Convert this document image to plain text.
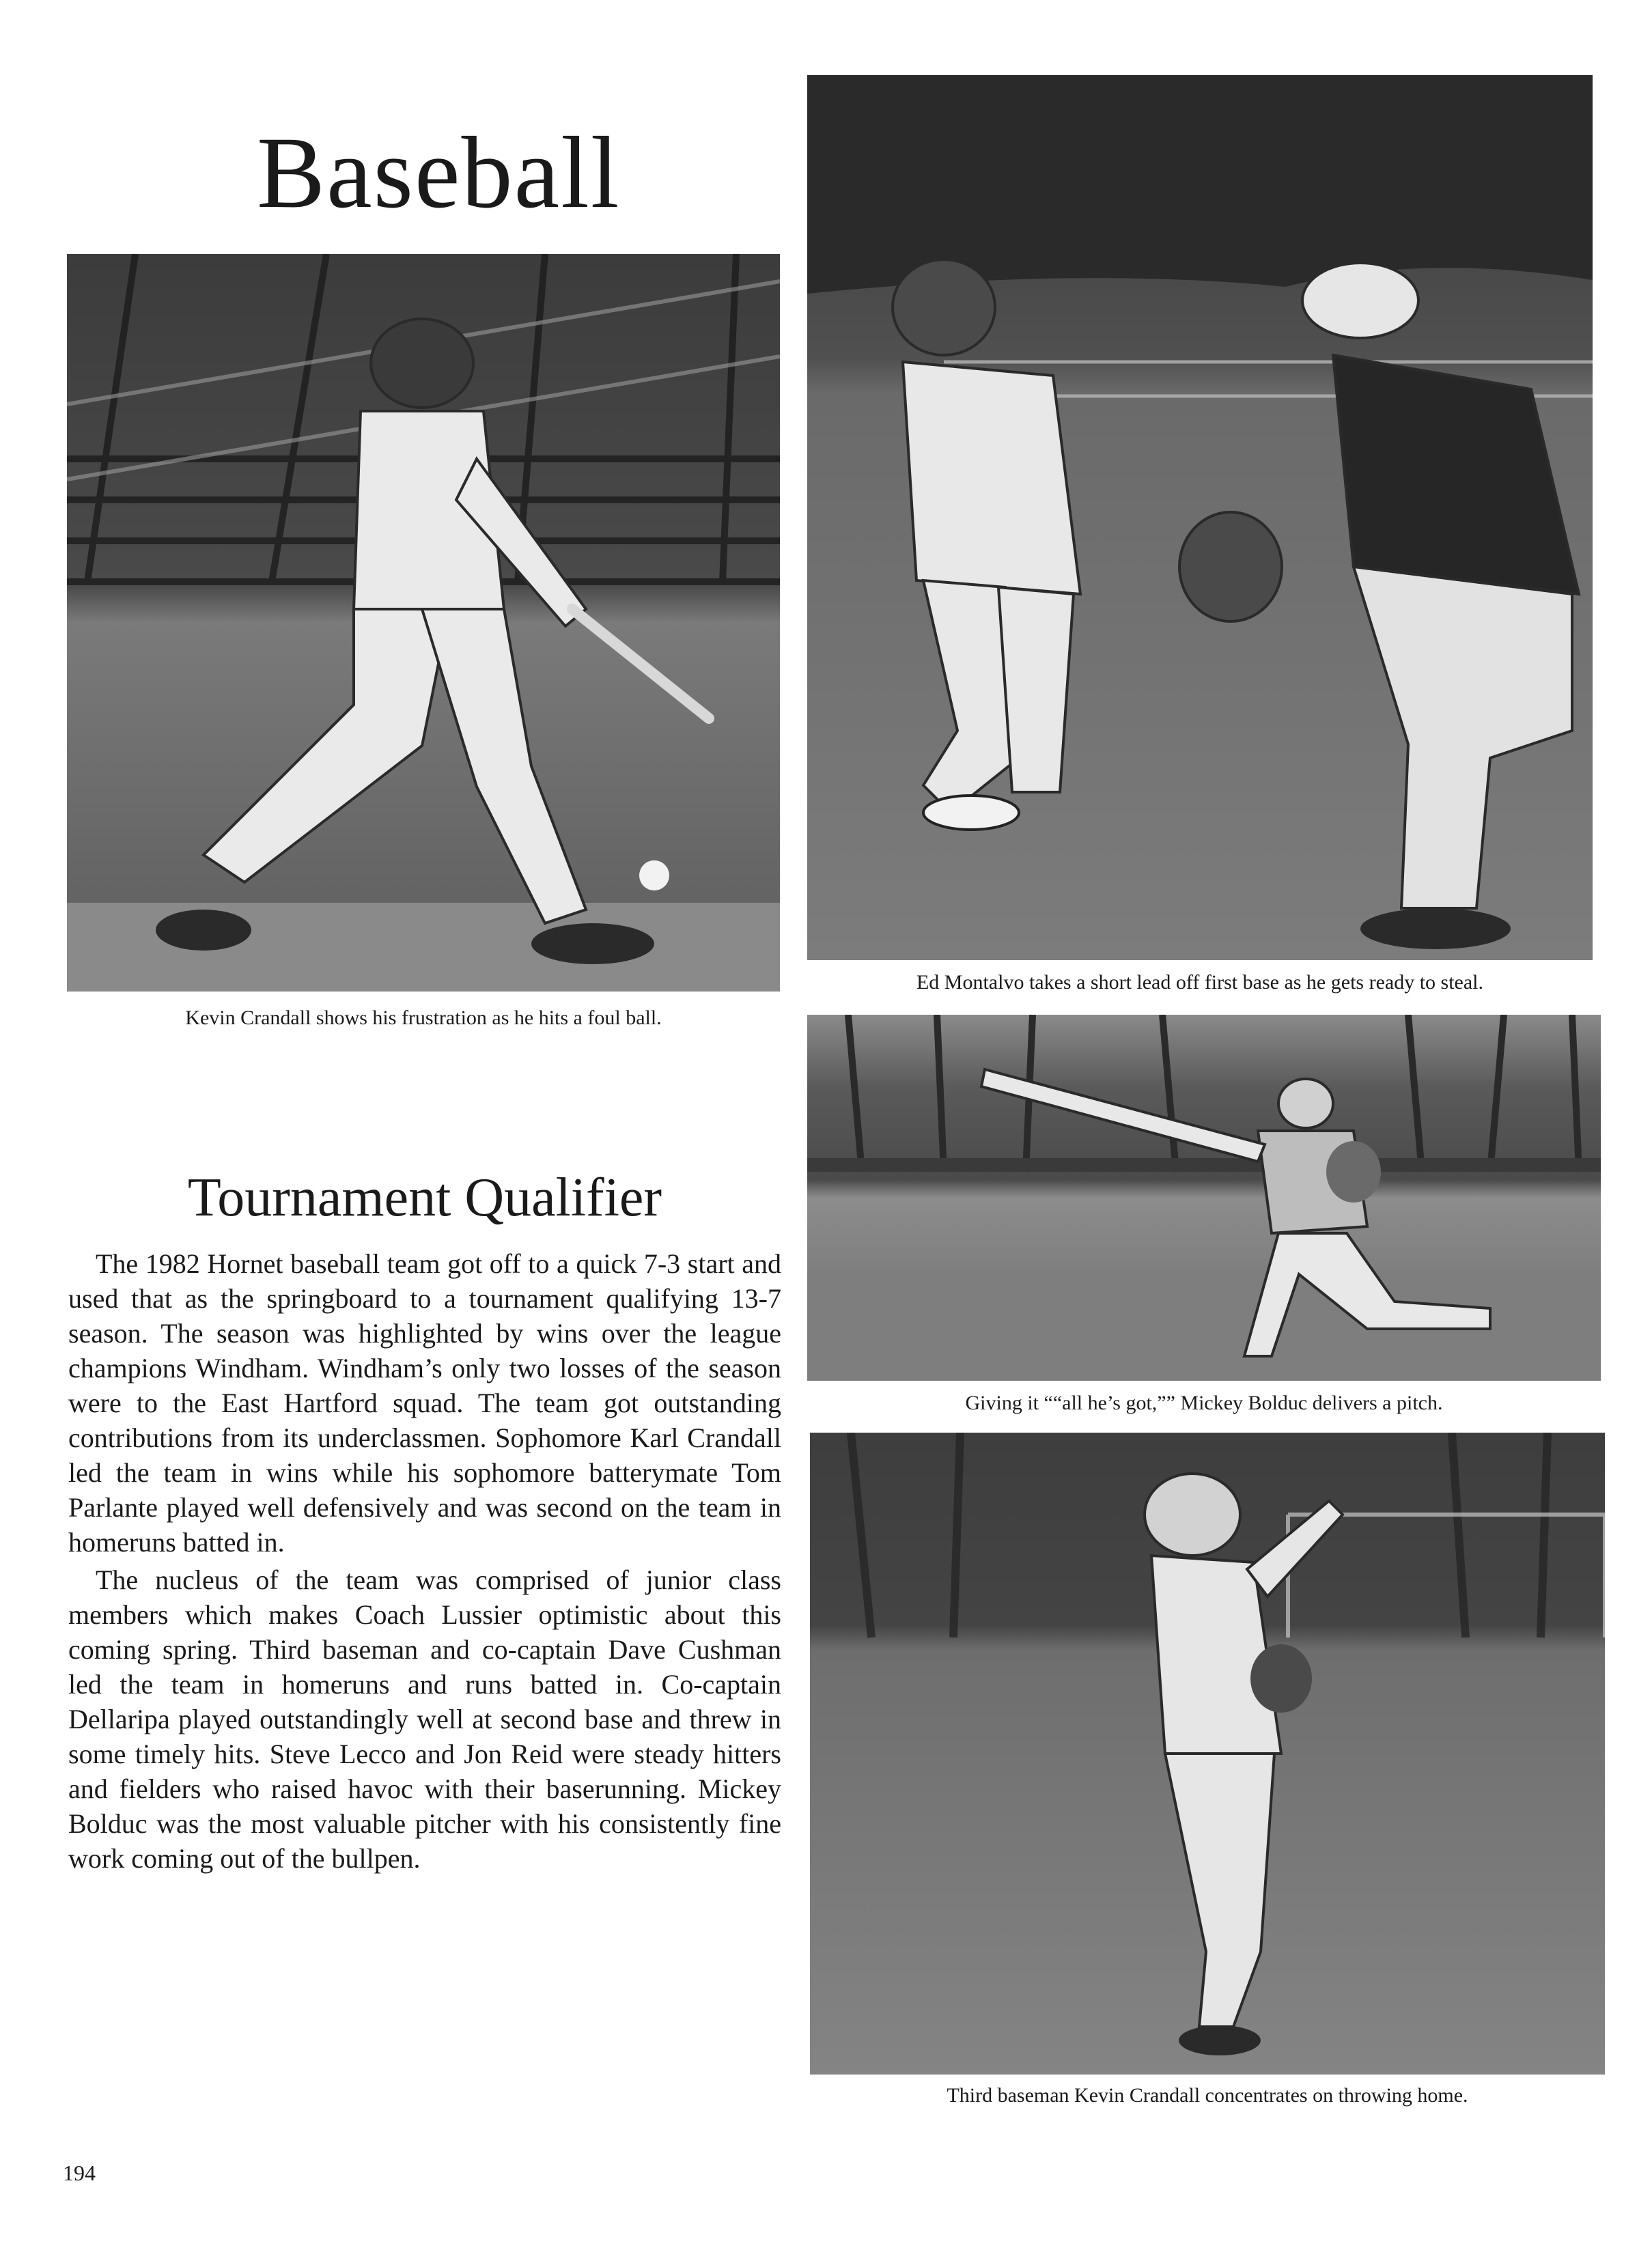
Baseball
Kevin Crandall shows his frustration as he hits a foul ball.
Ed Montalvo takes a short lead off first base as he gets ready to steal.
Giving it ““all he’s got,”” Mickey Bolduc delivers a pitch.
Third baseman Kevin Crandall concentrates on throwing home.
Tournament Qualifier

The 1982 Hornet baseball team got off to a quick 7-3 start and used that as the springboard to a tournament qualifying 13-7 season. The season was highlighted by wins over the league champions Windham. Windham’s only two losses of the season were to the East Hartford squad. The team got outstanding contributions from its underclassmen. Sophomore Karl Crandall led the team in wins while his sophomore batterymate Tom Parlante played well defensively and was second on the team in homeruns batted in.

The nucleus of the team was comprised of junior class members which makes Coach Lussier optimistic about this coming spring. Third baseman and co-captain Dave Cushman led the team in homeruns and runs batted in. Co-captain Dellaripa played outstandingly well at second base and threw in some timely hits. Steve Lecco and Jon Reid were steady hitters and fielders who raised havoc with their baserunning. Mickey Bolduc was the most valuable pitcher with his consistently fine work coming out of the bullpen.

194
